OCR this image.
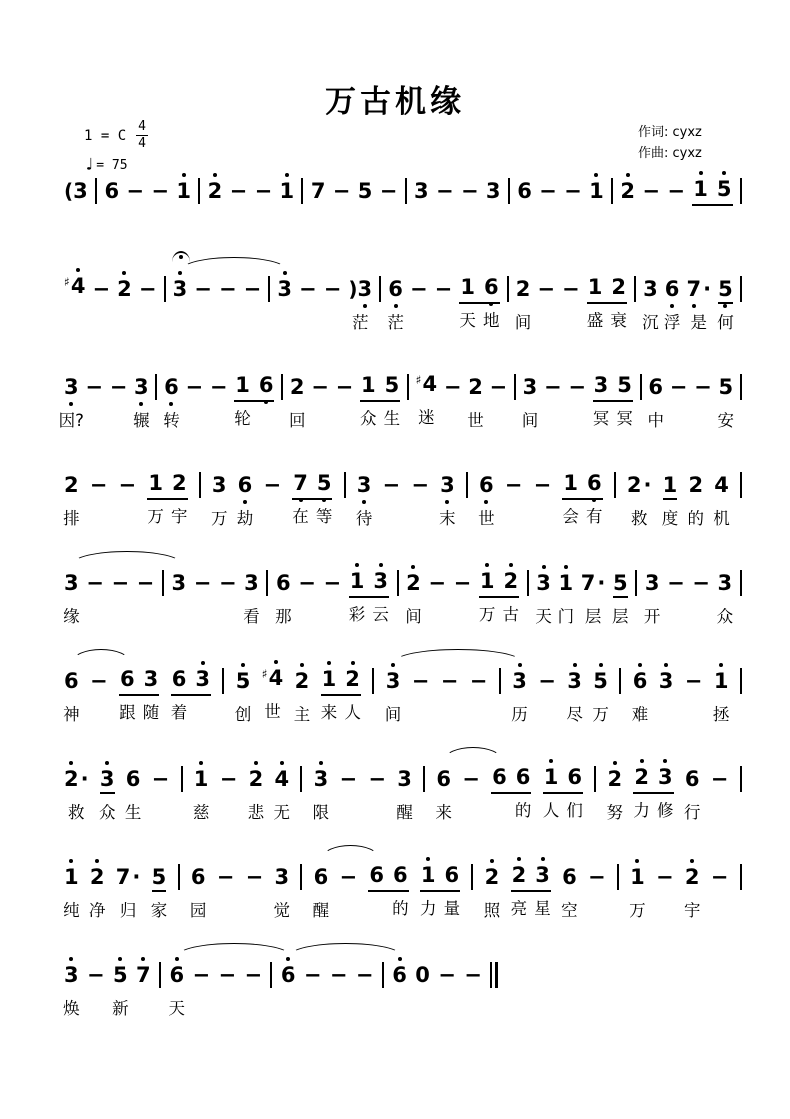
万古机缘
作词: cyxz
作曲: cyxz
1 = C
4
4
♩ = 75
(3 6 − − 1 2 − − 1 7 − 5 − 3 − − 3 6 − − 1 2 − − 1 5
♯4 − 2 − 3 − − − 3 − − )3
茫
6
茫
− − 1
天
6
地
2
间
− − 1
盛
2
衰
3
沉
6
浮
7
·
是
5
何
3
因?
− − 3
辗
6
转
− − 1
轮
6 2
回
− − 1
众
5
生
♯4
迷
− 2
世
− 3
间
− − 3
冥
5
冥
6
中
− − 5
安
2
排
− − 1
万
2
宇
3
万
6
劫
− 7
在
5
等
3
待
− − 3
末
6
世
− − 1
会
6
有
2·
救
1
度
2
的
4
机
3
缘
− − − 3 − − 3
看
6
那
− − 1
彩
3
云
2
间
− − 1
万
2
古
3
天
1
门
7·
层
5
层
3
开
− − 3
众
6
神
− 6
跟
3
随
6
着
3 5
创
♯4
世
2
主
1
来
2
人
3
间
− − − 3
历
− 3
尽
5
万
6
难
3 − 1
拯
2
·
救
3
众
6
生
− 1
慈
− 2
悲
4
无
3
限
− − 3
醒
6
来
− 6 6
的
1
人
6
们
2
努
2
力
3
修
6
行
−
1
纯
2
净
7·
归
5
家
6
园
− − 3
觉
6
醒
− 6 6
的
1
力
6
量
2
照
2
亮
3
星
6
空
− 1
万
− 2
宇
−
3
焕
− 5
新
7 6
天
− − − 6 − − − 6 0 − −
